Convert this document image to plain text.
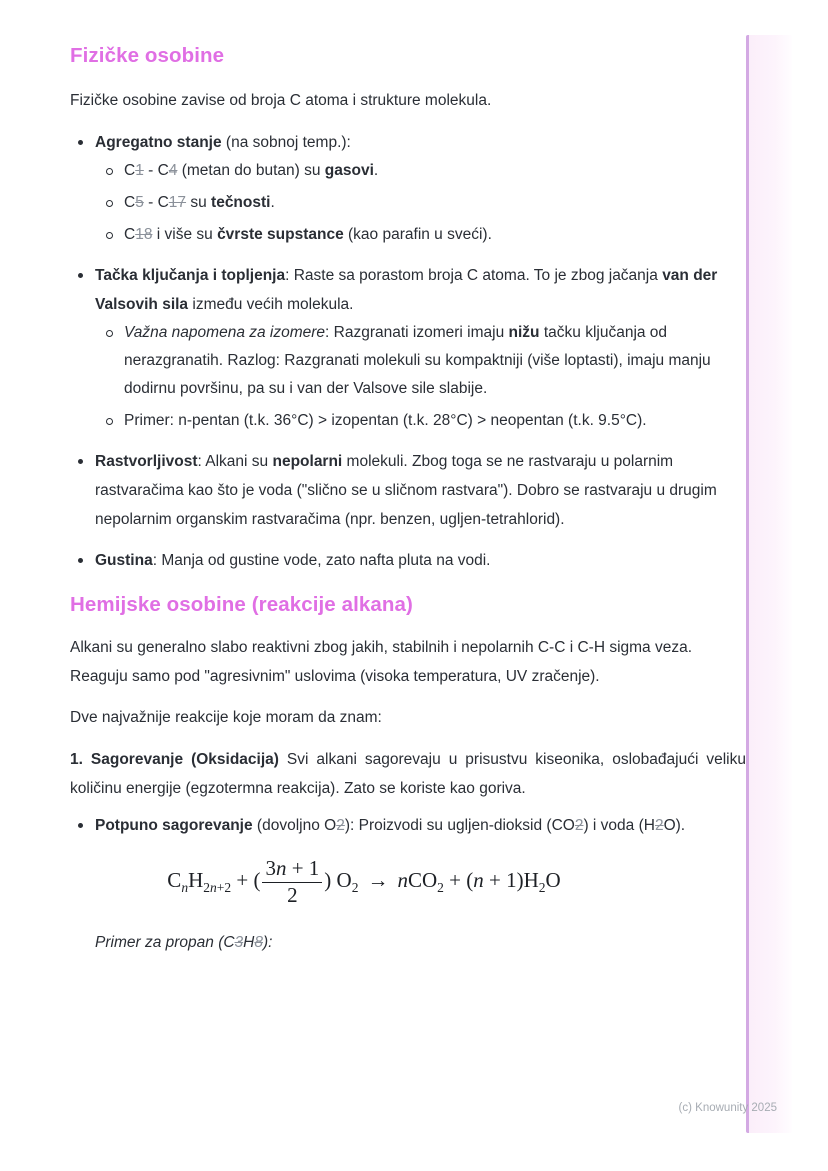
Fizičke osobine

Fizičke osobine zavise od broja C atoma i strukture molekula.

Agregatno stanje (na sobnoj temp.):
C1 - C4 (metan do butan) su gasovi.
C5 - C17 su tečnosti.
C18 i više su čvrste supstance (kao parafin u sveći).
Tačka ključanja i topljenja: Raste sa porastom broja C atoma. To je zbog jačanja van der Valsovih sila između većih molekula.
Važna napomena za izomere: Razgranati izomeri imaju nižu tačku ključanja od nerazgranatih. Razlog: Razgranati molekuli su kompaktniji (više loptasti), imaju manju dodirnu površinu, pa su i van der Valsove sile slabije.
Primer: n-pentan (t.k. 36°C) > izopentan (t.k. 28°C) > neopentan (t.k. 9.5°C).
Rastvorljivost: Alkani su nepolarni molekuli. Zbog toga se ne rastvaraju u polarnim rastvaračima kao što je voda ("slično se u sličnom rastvara"). Dobro se rastvaraju u drugim nepolarnim organskim rastvaračima (npr. benzen, ugljen-tetrahlorid).
Gustina: Manja od gustine vode, zato nafta pluta na vodi.
Hemijske osobine (reakcije alkana)

Alkani su generalno slabo reaktivni zbog jakih, stabilnih i nepolarnih C-C i C-H sigma veza. Reaguju samo pod "agresivnim" uslovima (visoka temperatura, UV zračenje).

Dve najvažnije reakcije koje moram da znam:

1. Sagorevanje (Oksidacija) Svi alkani sagorevaju u prisustvu kiseonika, oslobađajući veliku količinu energije (egzotermna reakcija). Zato se koriste kao goriva.

Potpuno sagorevanje (dovoljno O2): Proizvodi su ugljen-dioksid (CO2) i voda (H2O).
$C_nH_{2n+2}$ + ( $\frac{3n + 1}{2}$ ) $O_2 \to nCO_2 + (n + 1)H_2O$

Primer za propan (C3H8):

(c) Knowunity 2025
